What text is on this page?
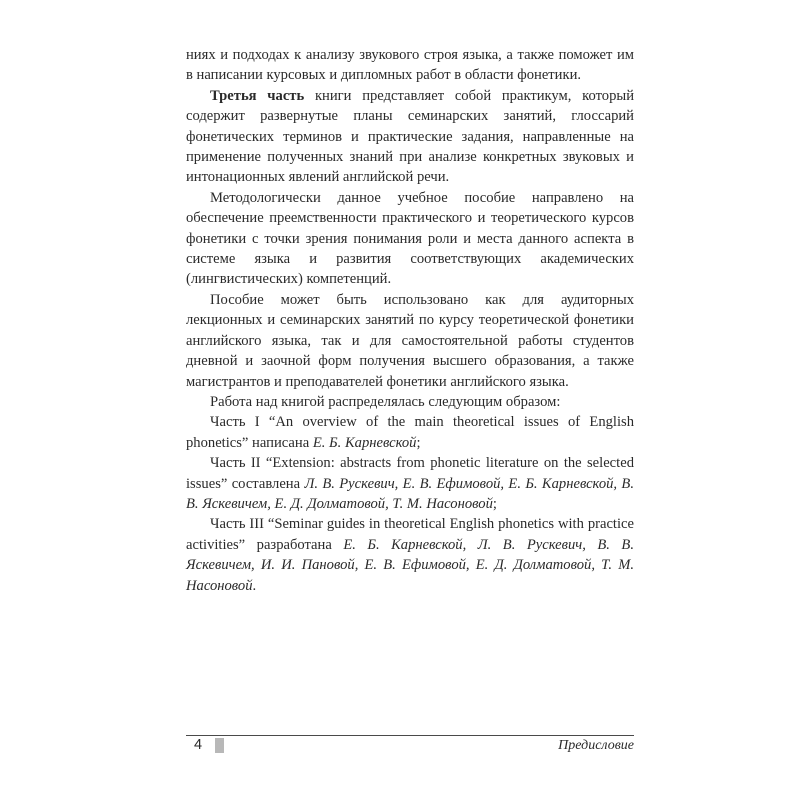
ниях и подходах к анализу звукового строя языка, а также поможет им в написании курсовых и дипломных работ в области фонетики.

Третья часть книги представляет собой практикум, который содержит развернутые планы семинарских занятий, глоссарий фонетических терминов и практические задания, направленные на применение полученных знаний при анализе конкретных звуковых и интонационных явлений английской речи.

Методологически данное учебное пособие направлено на обеспечение преемственности практического и теоретического курсов фонетики с точки зрения понимания роли и места данного аспекта в системе языка и развития соответствующих академических (лингвистических) компетенций.

Пособие может быть использовано как для аудиторных лекционных и семинарских занятий по курсу теоретической фонетики английского языка, так и для самостоятельной работы студентов дневной и заочной форм получения высшего образования, а также магистрантов и преподавателей фонетики английского языка.

Работа над книгой распределялась следующим образом:

Часть I “An overview of the main theoretical issues of English phonetics” написана Е. Б. Карневской;

Часть II “Extension: abstracts from phonetic literature on the selected issues” составлена Л. В. Рускевич, Е. В. Ефимовой, Е. Б. Карневской, В. В. Яскевичем, Е. Д. Долматовой, Т. М. Насоновой;

Часть III “Seminar guides in theoretical English phonetics with practice activities” разработана Е. Б. Карневской, Л. В. Рускевич, В. В. Яскевичем, И. И. Пановой, Е. В. Ефимовой, Е. Д. Долматовой, Т. М. Насоновой.

4	Предисловие
